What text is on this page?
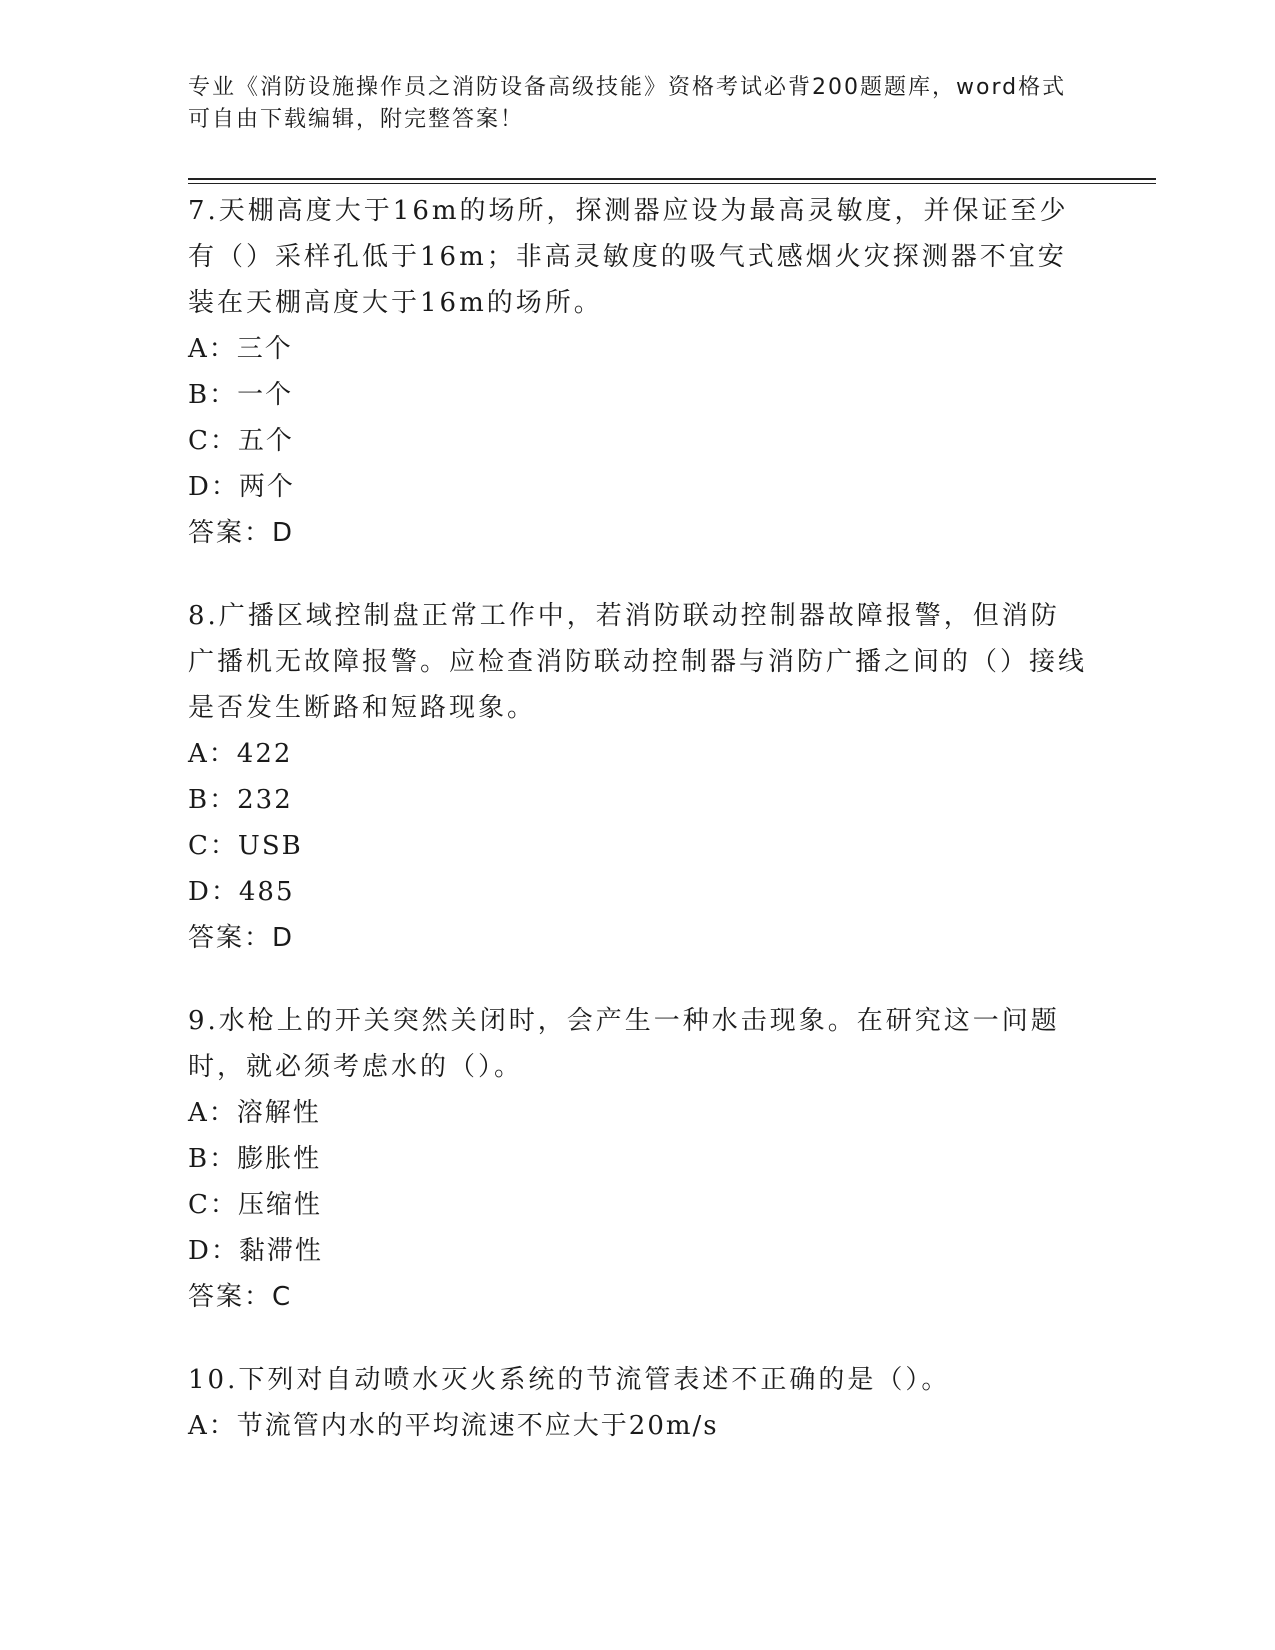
专业《消防设施操作员之消防设备高级技能》资格考试必背200题题库，word格式可自由下载编辑，附完整答案！
7.天棚高度大于16m的场所，探测器应设为最高灵敏度，并保证至少有（）采样孔低于16m；非高灵敏度的吸气式感烟火灾探测器不宜安装在天棚高度大于16m的场所。
A：三个
B：一个
C：五个
D：两个
答案：D
8.广播区域控制盘正常工作中，若消防联动控制器故障报警，但消防广播机无故障报警。应检查消防联动控制器与消防广播之间的（）接线是否发生断路和短路现象。
A：422
B：232
C：USB
D：485
答案：D
9.水枪上的开关突然关闭时，会产生一种水击现象。在研究这一问题时，就必须考虑水的（）。
A：溶解性
B：膨胀性
C：压缩性
D：黏滞性
答案：C
10.下列对自动喷水灭火系统的节流管表述不正确的是（）。
A：节流管内水的平均流速不应大于20m/s
